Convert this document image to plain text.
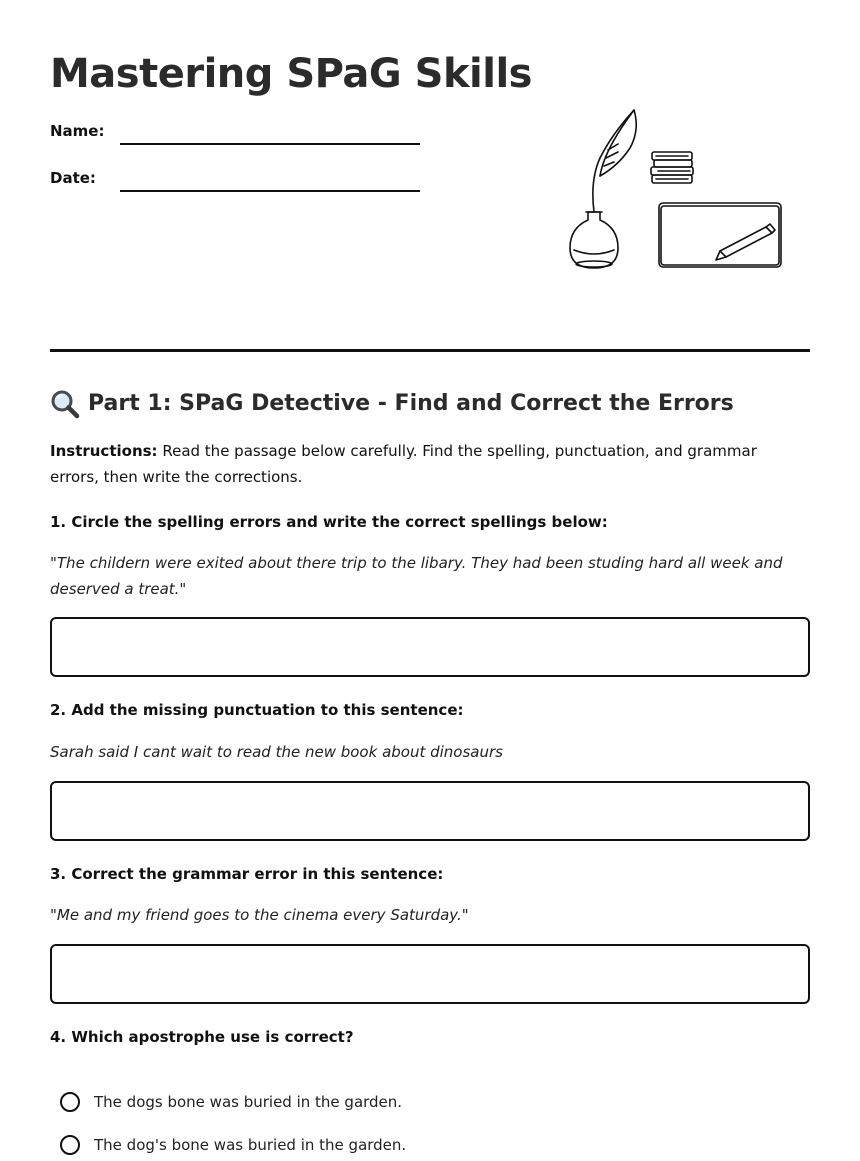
Mastering SPaG Skills
Name:
Date:
Part 1: SPaG Detective - Find and Correct the Errors

Instructions: Read the passage below carefully. Find the spelling, punctuation, and grammar errors, then write the corrections.

1. Circle the spelling errors and write the correct spellings below:

"The childern were exited about there trip to the libary. They had been studing hard all week and deserved a treat."

2. Add the missing punctuation to this sentence:

Sarah said I cant wait to read the new book about dinosaurs

3. Correct the grammar error in this sentence:

"Me and my friend goes to the cinema every Saturday."

4. Which apostrophe use is correct?

The dogs bone was buried in the garden.
The dog's bone was buried in the garden.
